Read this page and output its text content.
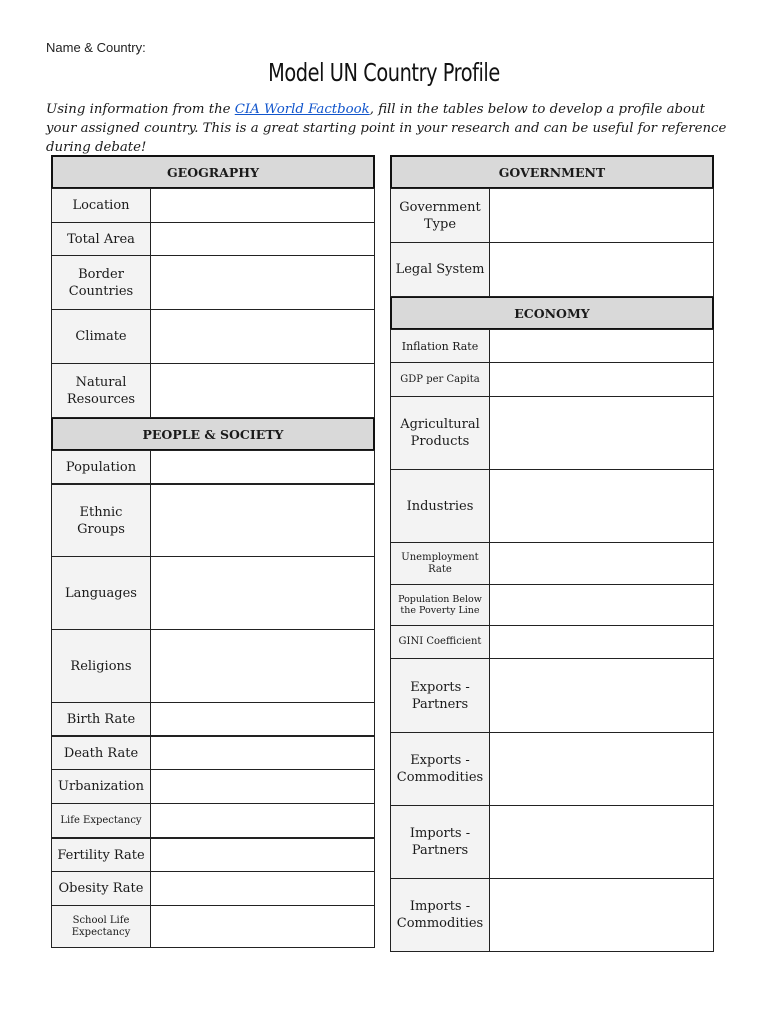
Name & Country:
Model UN Country Profile
Using information from the CIA World Factbook, fill in the tables below to develop a profile about your assigned country. This is a great starting point in your research and can be useful for reference during debate!
GEOGRAPHY
Location
Total Area
Border Countries
Climate
Natural Resources
PEOPLE & SOCIETY
Population
Ethnic Groups
Languages
Religions
Birth Rate
Death Rate
Urbanization
Life Expectancy
Fertility Rate
Obesity Rate
School Life Expectancy
GOVERNMENT
Government Type
Legal System
ECONOMY
Inflation Rate
GDP per Capita
Agricultural Products
Industries
Unemployment Rate
Population Below the Poverty Line
GINI Coefficient
Exports - Partners
Exports - Commodities
Imports - Partners
Imports - Commodities
